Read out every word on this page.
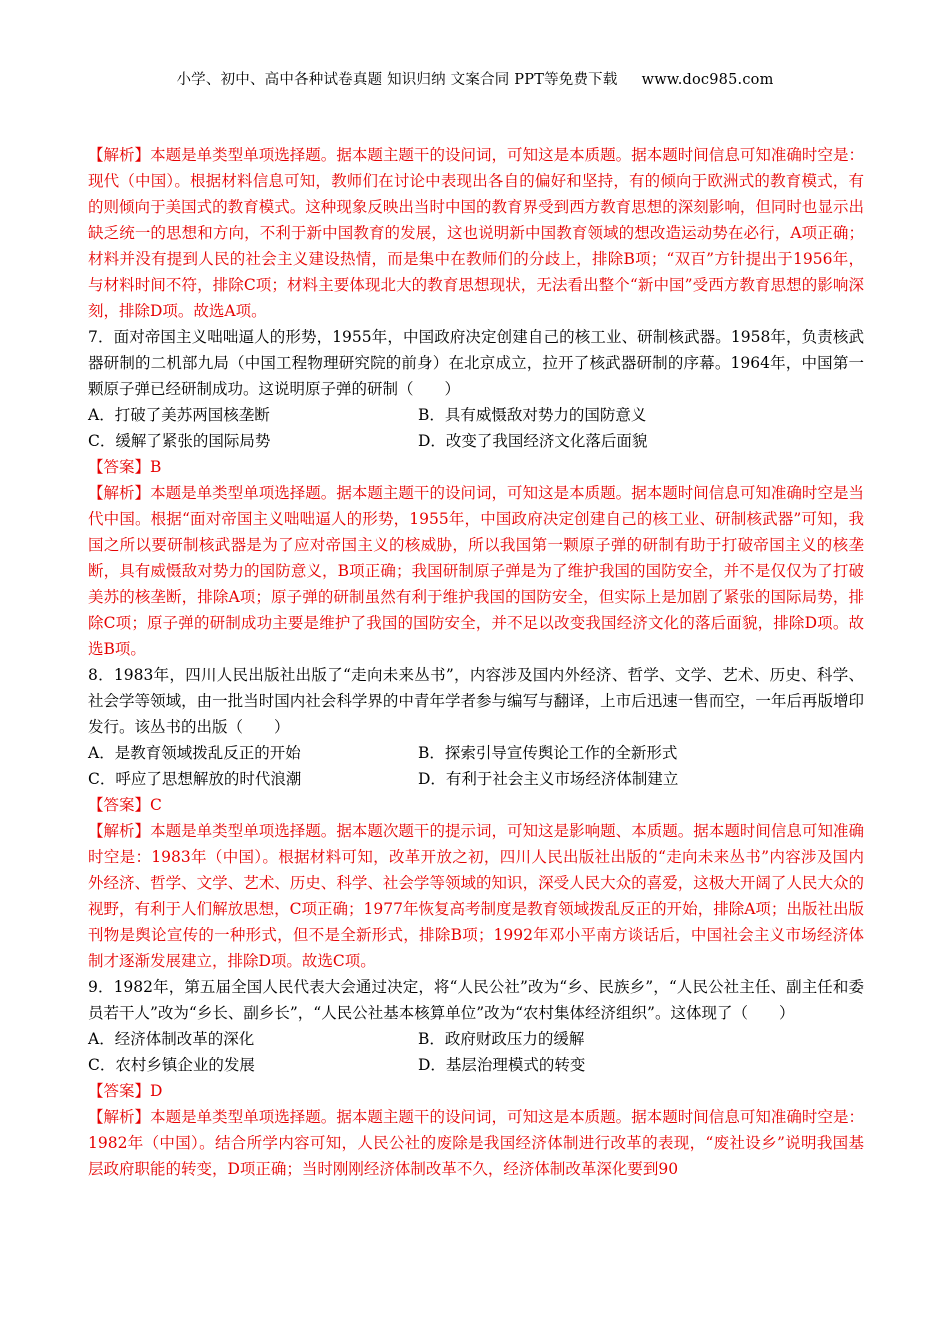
小学、初中、高中各种试卷真题 知识归纳 文案合同 PPT等免费下载 www.doc985.com

【解析】本题是单类型单项选择题。据本题主题干的设问词，可知这是本质题。据本题时间信息可知准确时空是：现代（中国）。根据材料信息可知，教师们在讨论中表现出各自的偏好和坚持，有的倾向于欧洲式的教育模式，有的则倾向于美国式的教育模式。这种现象反映出当时中国的教育界受到西方教育思想的深刻影响，但同时也显示出缺乏统一的思想和方向，不利于新中国教育的发展，这也说明新中国教育领域的想改造运动势在必行，A项正确；材料并没有提到人民的社会主义建设热情，而是集中在教师们的分歧上，排除B项；“双百”方针提出于1956年，与材料时间不符，排除C项；材料主要体现北大的教育思想现状，无法看出整个“新中国”受西方教育思想的影响深刻，排除D项。故选A项。

7．面对帝国主义咄咄逼人的形势，1955年，中国政府决定创建自己的核工业、研制核武器。1958年，负责核武器研制的二机部九局（中国工程物理研究院的前身）在北京成立，拉开了核武器研制的序幕。1964年，中国第一颗原子弹已经研制成功。这说明原子弹的研制（　　）

A．打破了美苏两国核垄断	B．具有威慑敌对势力的国防意义
C．缓解了紧张的国际局势	D．改变了我国经济文化落后面貌
【答案】B

【解析】本题是单类型单项选择题。据本题主题干的设问词，可知这是本质题。据本题时间信息可知准确时空是当代中国。根据“面对帝国主义咄咄逼人的形势，1955年，中国政府决定创建自己的核工业、研制核武器”可知，我国之所以要研制核武器是为了应对帝国主义的核威胁，所以我国第一颗原子弹的研制有助于打破帝国主义的核垄断，具有威慑敌对势力的国防意义，B项正确；我国研制原子弹是为了维护我国的国防安全，并不是仅仅为了打破美苏的核垄断，排除A项；原子弹的研制虽然有利于维护我国的国防安全，但实际上是加剧了紧张的国际局势，排除C项；原子弹的研制成功主要是维护了我国的国防安全，并不足以改变我国经济文化的落后面貌，排除D项。故选B项。

8．1983年，四川人民出版社出版了“走向未来丛书”，内容涉及国内外经济、哲学、文学、艺术、历史、科学、社会学等领域，由一批当时国内社会科学界的中青年学者参与编写与翻译，上市后迅速一售而空，一年后再版增印发行。该丛书的出版（　　）

A．是教育领域拨乱反正的开始	B．探索引导宣传舆论工作的全新形式
C．呼应了思想解放的时代浪潮	D．有利于社会主义市场经济体制建立
【答案】C

【解析】本题是单类型单项选择题。据本题次题干的提示词，可知这是影响题、本质题。据本题时间信息可知准确时空是：1983年（中国）。根据材料可知，改革开放之初，四川人民出版社出版的“走向未来丛书”内容涉及国内外经济、哲学、文学、艺术、历史、科学、社会学等领域的知识，深受人民大众的喜爱，这极大开阔了人民大众的视野，有利于人们解放思想，C项正确；1977年恢复高考制度是教育领域拨乱反正的开始，排除A项；出版社出版刊物是舆论宣传的一种形式，但不是全新形式，排除B项；1992年邓小平南方谈话后，中国社会主义市场经济体制才逐渐发展建立，排除D项。故选C项。

9．1982年，第五届全国人民代表大会通过决定，将“人民公社”改为“乡、民族乡”，“人民公社主任、副主任和委员若干人”改为“乡长、副乡长”，“人民公社基本核算单位”改为“农村集体经济组织”。这体现了（　　）

A．经济体制改革的深化	B．政府财政压力的缓解
C．农村乡镇企业的发展	D．基层治理模式的转变
【答案】D

【解析】本题是单类型单项选择题。据本题主题干的设问词，可知这是本质题。据本题时间信息可知准确时空是：1982年（中国）。结合所学内容可知，人民公社的废除是我国经济体制进行改革的表现，“废社设乡”说明我国基层政府职能的转变，D项正确；当时刚刚经济体制改革不久，经济体制改革深化要到90
